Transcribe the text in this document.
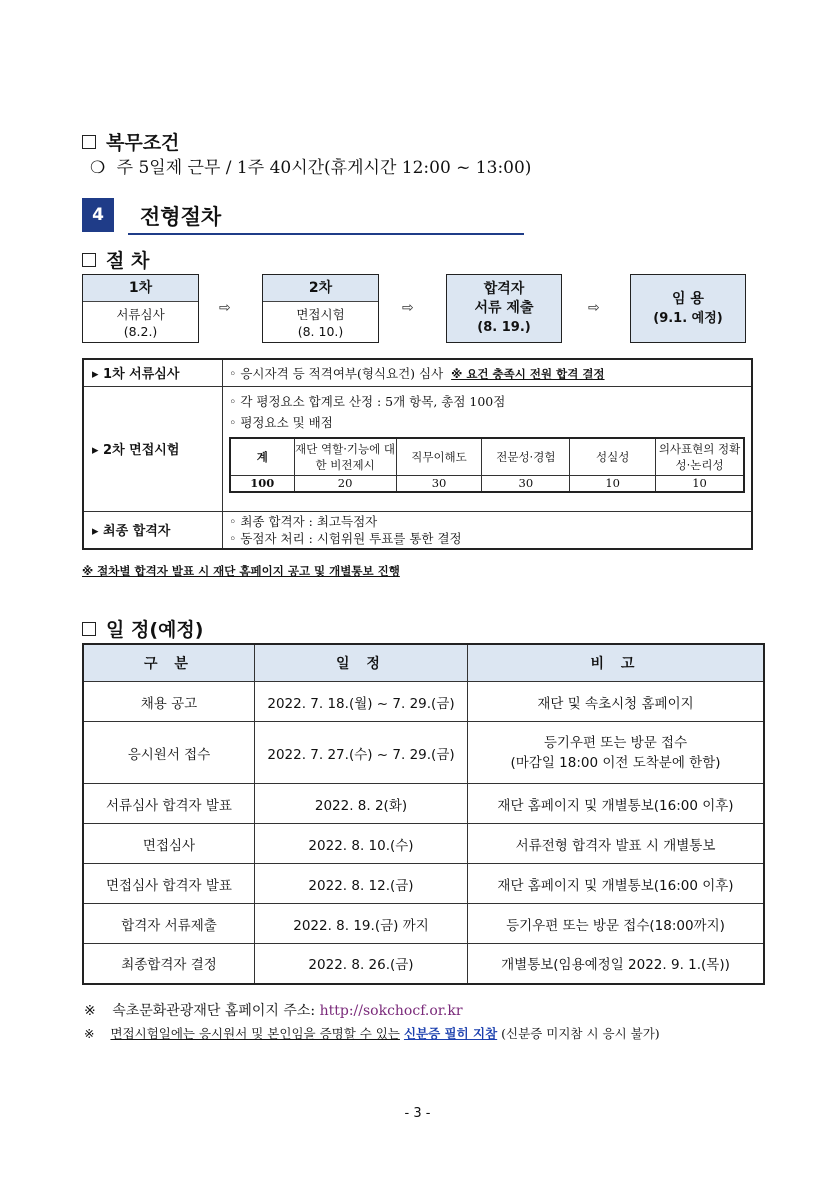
복무조건
❍ 주 5일제 근무 / 1주 40시간(휴게시간 12:00 ~ 13:00)
4	전형절차
절 차
1차
서류심사
(8.2.)
⇨
2차
면접시험
(8. 10.)
⇨
합격자
서류 제출
(8. 19.)
⇨
임 용
(9.1. 예정)
▸ 1차 서류심사	◦ 응시자격 등 적격여부(형식요건) 심사 ※ 요건 충족시 전원 합격 결정
▸ 2차 면접시험	
◦ 각 평정요소 합계로 산정 : 5개 항목, 총점 100점
◦ 평정요소 및 배점
계	재단 역할·기능에 대한 비전제시	직무이해도	전문성·경험	성실성	의사표현의 정확성·논리성
100	20	30	30	10	10

▸ 최종 합격자	
◦ 최종 합격자 : 최고득점자
◦ 동점자 처리 : 시험위원 투표를 통한 결정
※ 절차별 합격자 발표 시 재단 홈페이지 공고 및 개별통보 진행
일 정(예정)
구 분	일 정	비 고
채용 공고	2022. 7. 18.(월) ~ 7. 29.(금)	재단 및 속초시청 홈페이지
응시원서 접수	2022. 7. 27.(수) ~ 7. 29.(금)	등기우편 또는 방문 접수
(마감일 18:00 이전 도착분에 한함)

서류심사 합격자 발표	2022. 8. 2(화)	재단 홈페이지 및 개별통보(16:00 이후)
면접심사	2022. 8. 10.(수)	서류전형 합격자 발표 시 개별통보
면접심사 합격자 발표	2022. 8. 12.(금)	재단 홈페이지 및 개별통보(16:00 이후)
합격자 서류제출	2022. 8. 19.(금) 까지	등기우편 또는 방문 접수(18:00까지)
최종합격자 결정	2022. 8. 26.(금)	개별통보(임용예정일 2022. 9. 1.(목))
※ 속초문화관광재단 홈페이지 주소: http://sokchocf.or.kr
※ 면접시험일에는 응시원서 및 본인임을 증명할 수 있는 신분증 필히 지참 (신분증 미지참 시 응시 불가)
- 3 -
